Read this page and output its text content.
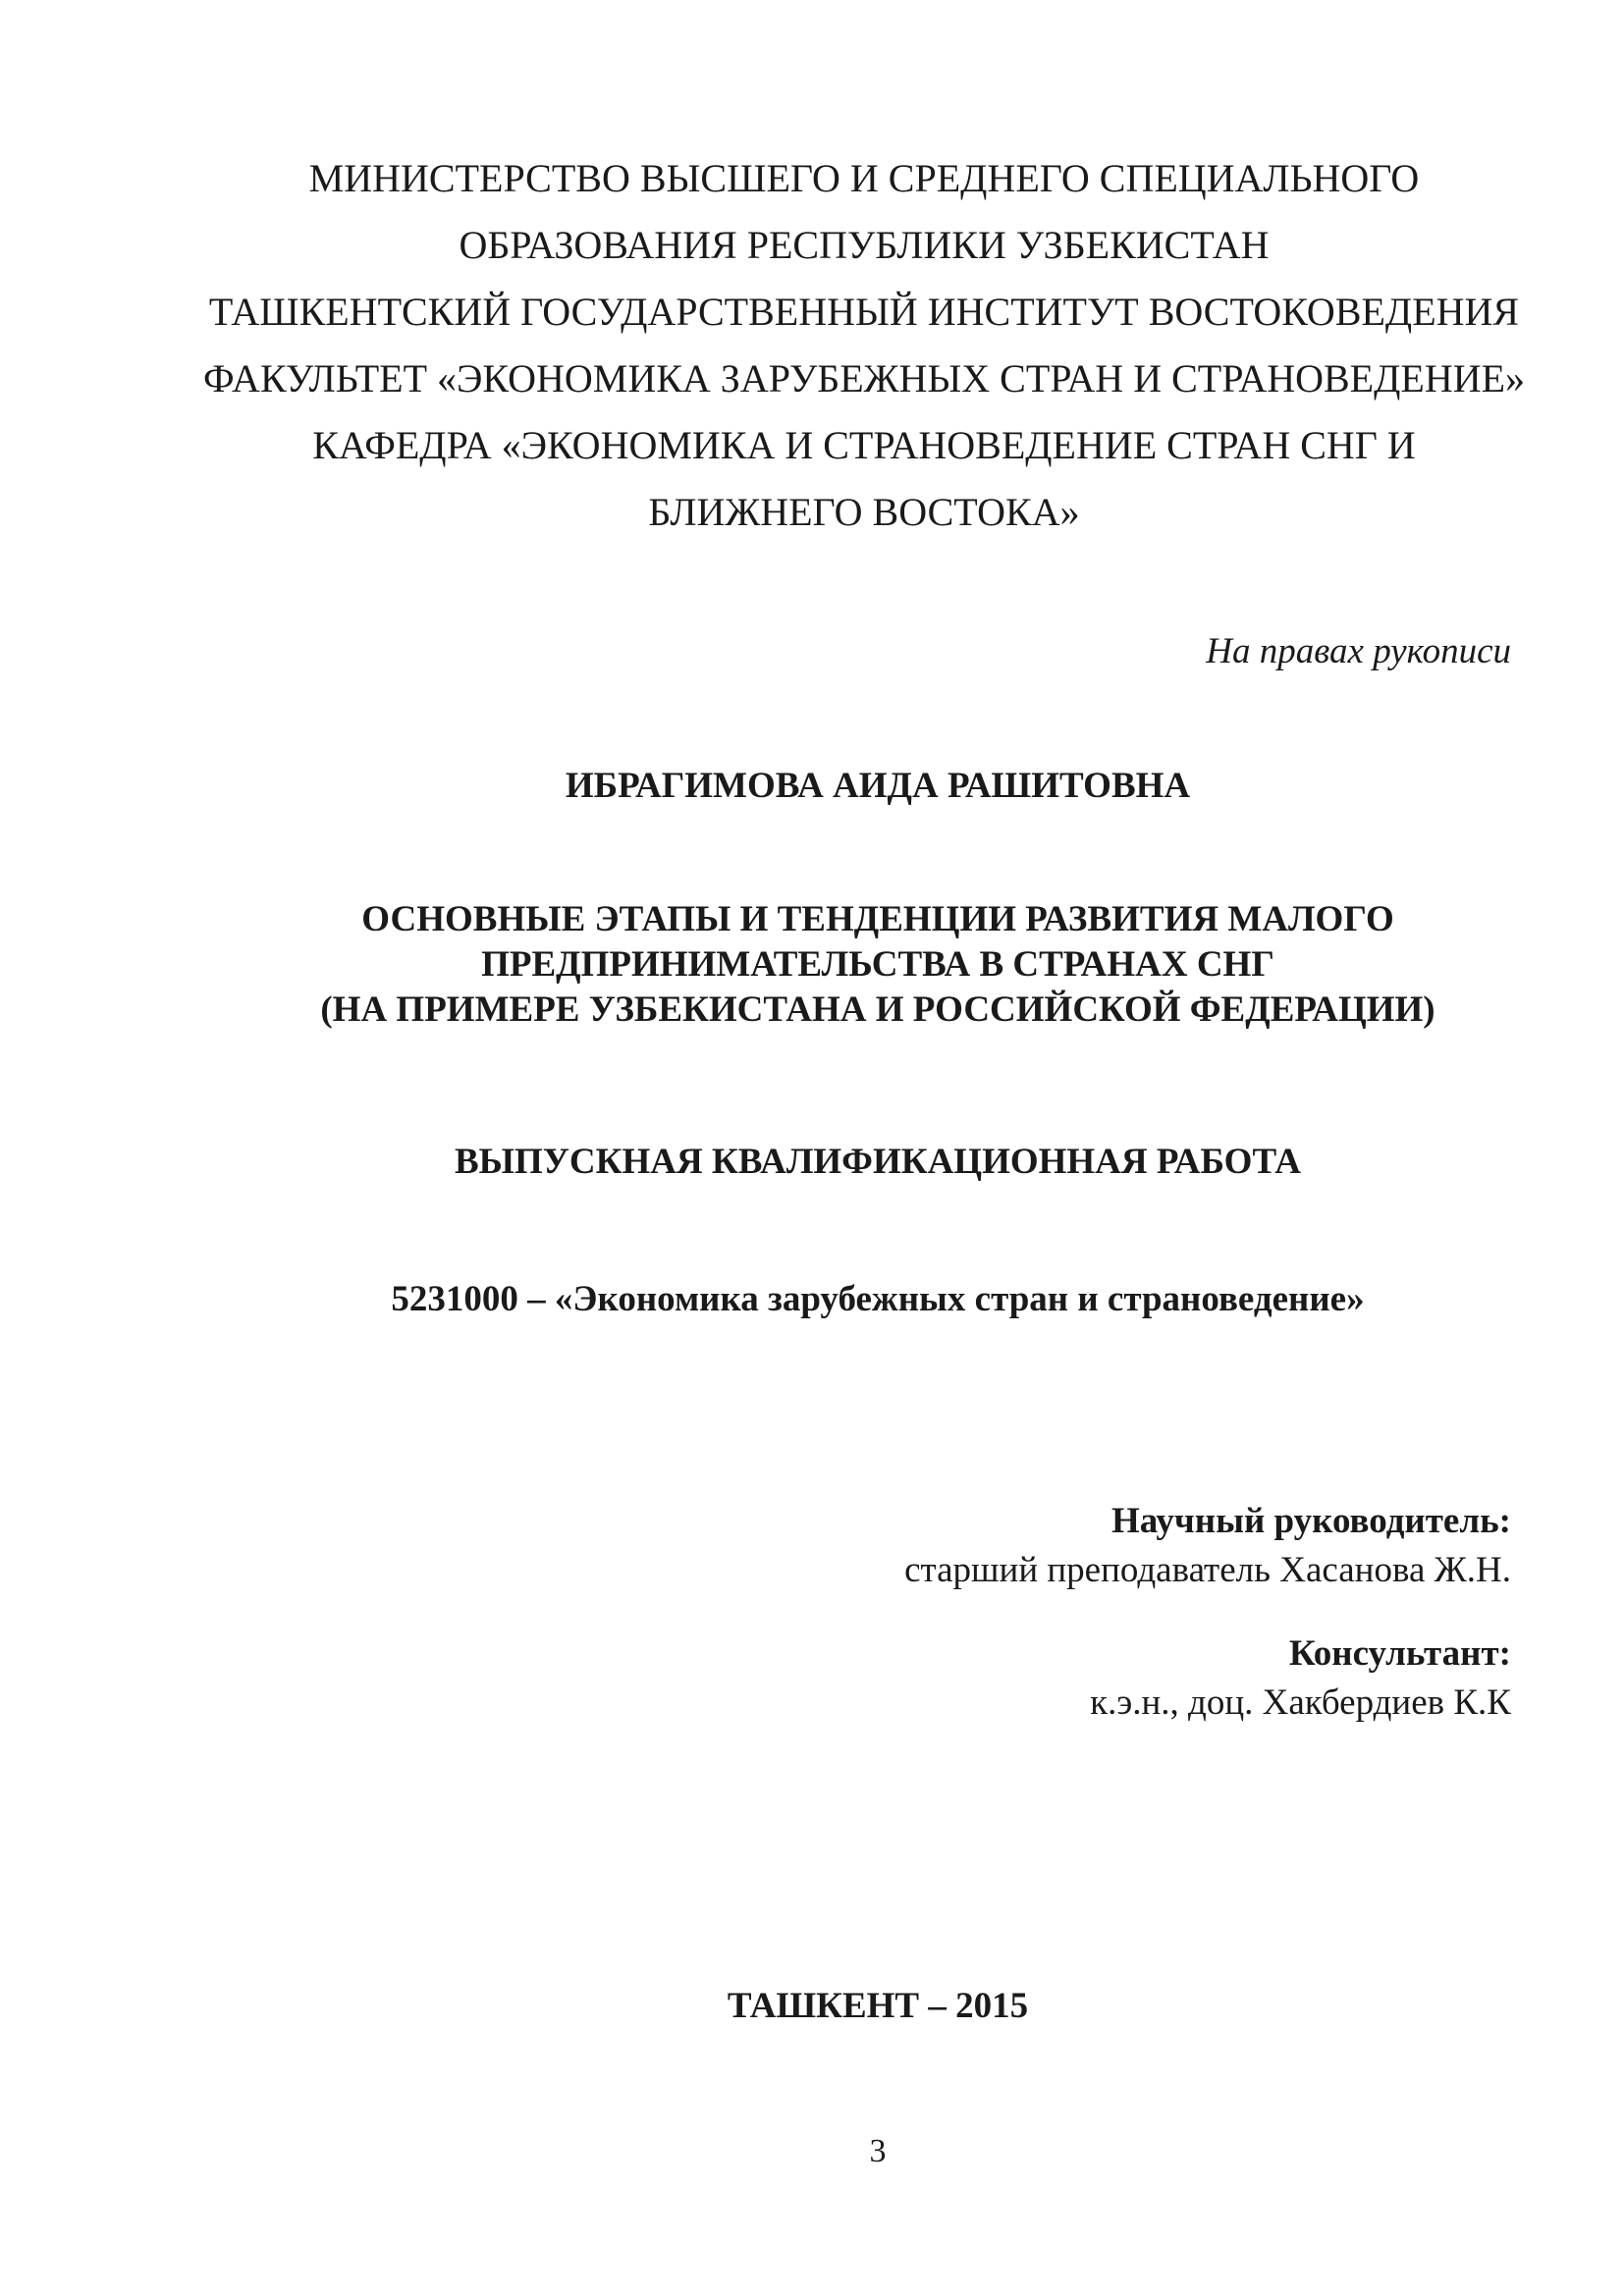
МИНИСТЕРСТВО ВЫСШЕГО И СРЕДНЕГО СПЕЦИАЛЬНОГО
ОБРАЗОВАНИЯ РЕСПУБЛИКИ УЗБЕКИСТАН
ТАШКЕНТСКИЙ ГОСУДАРСТВЕННЫЙ ИНСТИТУТ ВОСТОКОВЕДЕНИЯ
ФАКУЛЬТЕТ «ЭКОНОМИКА ЗАРУБЕЖНЫХ СТРАН И СТРАНОВЕДЕНИЕ»
КАФЕДРА «ЭКОНОМИКА И СТРАНОВЕДЕНИЕ СТРАН СНГ И
БЛИЖНЕГО ВОСТОКА»
На правах рукописи
ИБРАГИМОВА АИДА РАШИТОВНА
ОСНОВНЫЕ ЭТАПЫ И ТЕНДЕНЦИИ РАЗВИТИЯ МАЛОГО
ПРЕДПРИНИМАТЕЛЬСТВА В СТРАНАХ СНГ
(НА ПРИМЕРЕ УЗБЕКИСТАНА И РОССИЙСКОЙ ФЕДЕРАЦИИ)
ВЫПУСКНАЯ КВАЛИФИКАЦИОННАЯ РАБОТА
5231000 – «Экономика зарубежных стран и страноведение»
Научный руководитель:
старший преподаватель Хасанова Ж.Н.
Консультант:
к.э.н., доц. Хакбердиев К.К
ТАШКЕНТ – 2015
3
